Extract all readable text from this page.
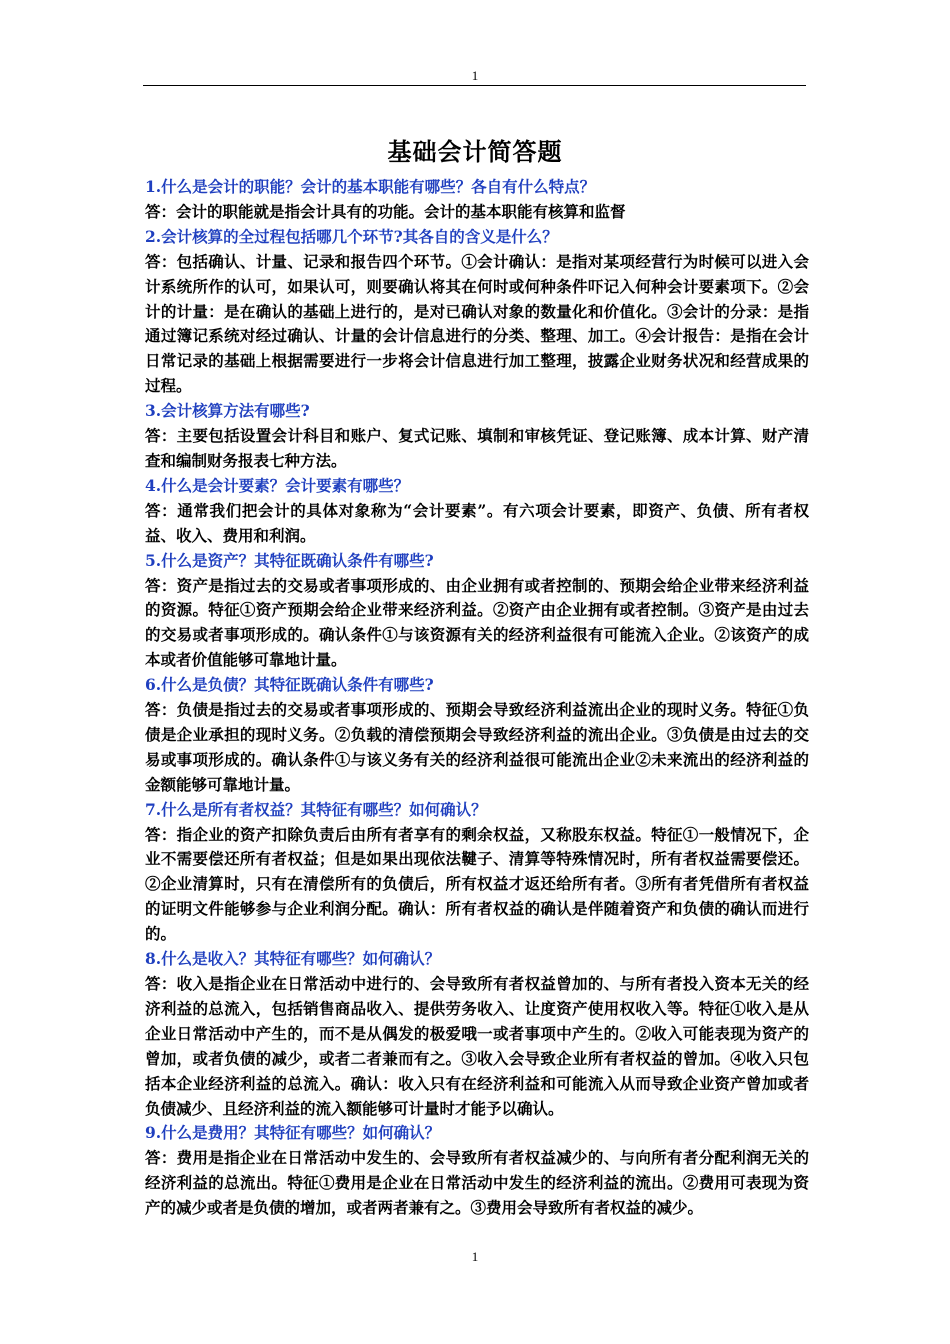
1
基础会计简答题

1.什么是会计的职能？会计的基本职能有哪些？各自有什么特点？

答：会计的职能就是指会计具有的功能。会计的基本职能有核算和监督

2.会计核算的全过程包括哪几个环节?其各自的含义是什么？

答：包括确认、计量、记录和报告四个环节。①会计确认：是指对某项经营行为时候可以进入会计系统所作的认可，如果认可，则要确认将其在何时或何种条件吓记入何种会计要素项下。②会计的计量：是在确认的基础上进行的，是对已确认对象的数量化和价值化。③会计的分录：是指通过簿记系统对经过确认、计量的会计信息进行的分类、整理、加工。④会计报告：是指在会计日常记录的基础上根据需要进行一步将会计信息进行加工整理，披露企业财务状况和经营成果的过程。

3.会计核算方法有哪些?

答：主要包括设置会计科目和账户、复式记账、填制和审核凭证、登记账簿、成本计算、财产清查和编制财务报表七种方法。

4.什么是会计要素？会计要素有哪些？

答：通常我们把会计的具体对象称为“会计要素”。有六项会计要素，即资产、负债、所有者权益、收入、费用和利润。

5.什么是资产？其特征既确认条件有哪些?

答：资产是指过去的交易或者事项形成的、由企业拥有或者控制的、预期会给企业带来经济利益的资源。特征①资产预期会给企业带来经济利益。②资产由企业拥有或者控制。③资产是由过去的交易或者事项形成的。确认条件①与该资源有关的经济利益很有可能流入企业。②该资产的成本或者价值能够可靠地计量。

6.什么是负债？其特征既确认条件有哪些?

答：负债是指过去的交易或者事项形成的、预期会导致经济利益流出企业的现时义务。特征①负债是企业承担的现时义务。②负载的清偿预期会导致经济利益的流出企业。③负债是由过去的交易或事项形成的。确认条件①与该义务有关的经济利益很可能流出企业②未来流出的经济利益的金额能够可靠地计量。

7.什么是所有者权益？其特征有哪些？如何确认？

答：指企业的资产扣除负责后由所有者享有的剩余权益，又称股东权益。特征①一般情况下，企业不需要偿还所有者权益；但是如果出现依法鞬子、清算等特殊情况时，所有者权益需要偿还。②企业清算时，只有在清偿所有的负债后，所有权益才返还给所有者。③所有者凭借所有者权益的证明文件能够参与企业利润分配。确认：所有者权益的确认是伴随着资产和负债的确认而进行的。

8.什么是收入？其特征有哪些？如何确认？

答：收入是指企业在日常活动中进行的、会导致所有者权益曾加的、与所有者投入资本无关的经济利益的总流入，包括销售商品收入、提供劳务收入、让度资产使用权收入等。特征①收入是从企业日常活动中产生的，而不是从偶发的极爱哦一或者事项中产生的。②收入可能表现为资产的曾加，或者负债的减少，或者二者兼而有之。③收入会导致企业所有者权益的曾加。④收入只包括本企业经济利益的总流入。确认：收入只有在经济利益和可能流入从而导致企业资产曾加或者负债减少、且经济利益的流入额能够可计量时才能予以确认。

9.什么是费用？其特征有哪些？如何确认？

答：费用是指企业在日常活动中发生的、会导致所有者权益减少的、与向所有者分配利润无关的经济利益的总流出。特征①费用是企业在日常活动中发生的经济利益的流出。②费用可表现为资产的减少或者是负债的增加，或者两者兼有之。③费用会导致所有者权益的减少。

1
